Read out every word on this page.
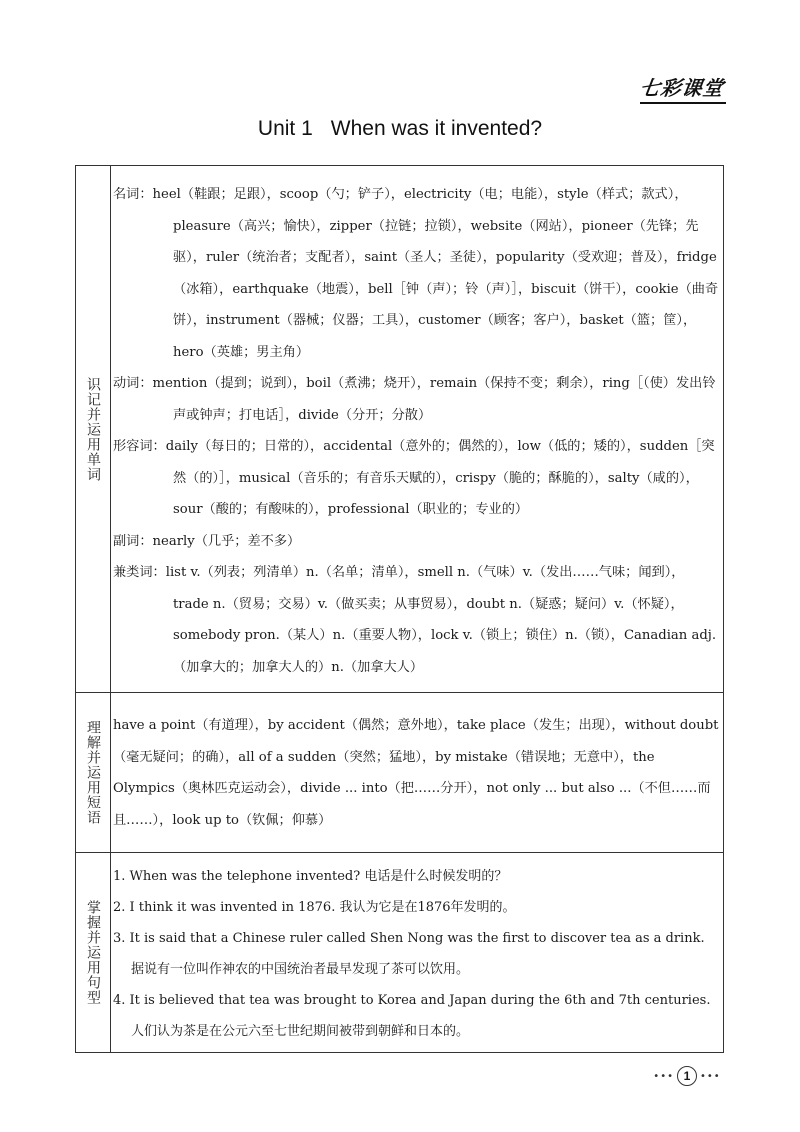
七彩课堂
Unit 1 When was it invented?
识记并运用单词

名词：heel（鞋跟；足跟），scoop（勺；铲子），electricity（电；电能），style（样式；款式），pleasure（高兴；愉快），zipper（拉链；拉锁），website（网站），pioneer（先锋；先驱），ruler（统治者；支配者），saint（圣人；圣徒），popularity（受欢迎；普及），fridge（冰箱），earthquake（地震），bell［钟（声）；铃（声）］，biscuit（饼干），cookie（曲奇饼），instrument（器械；仪器；工具），customer（顾客；客户），basket（篮；筐），hero（英雄；男主角）

动词：mention（提到；说到），boil（煮沸；烧开），remain（保持不变；剩余），ring［（使）发出铃声或钟声；打电话］，divide（分开；分散）

形容词：daily（每日的；日常的），accidental（意外的；偶然的），low（低的；矮的），sudden［突然（的）］，musical（音乐的；有音乐天赋的），crispy（脆的；酥脆的），salty（咸的），sour（酸的；有酸味的），professional（职业的；专业的）

副词：nearly（几乎；差不多）

兼类词：list v.（列表；列清单）n.（名单；清单），smell n.（气味）v.（发出……气味；闻到），trade n.（贸易；交易）v.（做买卖；从事贸易），doubt n.（疑惑；疑问）v.（怀疑），somebody pron.（某人）n.（重要人物），lock v.（锁上；锁住）n.（锁），Canadian adj.（加拿大的；加拿大人的）n.（加拿大人）

理解并运用短语 have a point（有道理），by accident（偶然；意外地），take place（发生；出现），without doubt（毫无疑问；的确），all of a sudden（突然；猛地），by mistake（错误地；无意中），the Olympics（奥林匹克运动会），divide ... into（把……分开），not only ... but also ...（不但……而且……），look up to（钦佩；仰慕）

掌握并运用句型

1. When was the telephone invented? 电话是什么时候发明的？

2. I think it was invented in 1876. 我认为它是在1876年发明的。

3. It is said that a Chinese ruler called Shen Nong was the first to discover tea as a drink. 据说有一位叫作神农的中国统治者最早发现了茶可以饮用。

4. It is believed that tea was brought to Korea and Japan during the 6th and 7th centuries. 人们认为茶是在公元六至七世纪期间被带到朝鲜和日本的。

••• 1 •••
